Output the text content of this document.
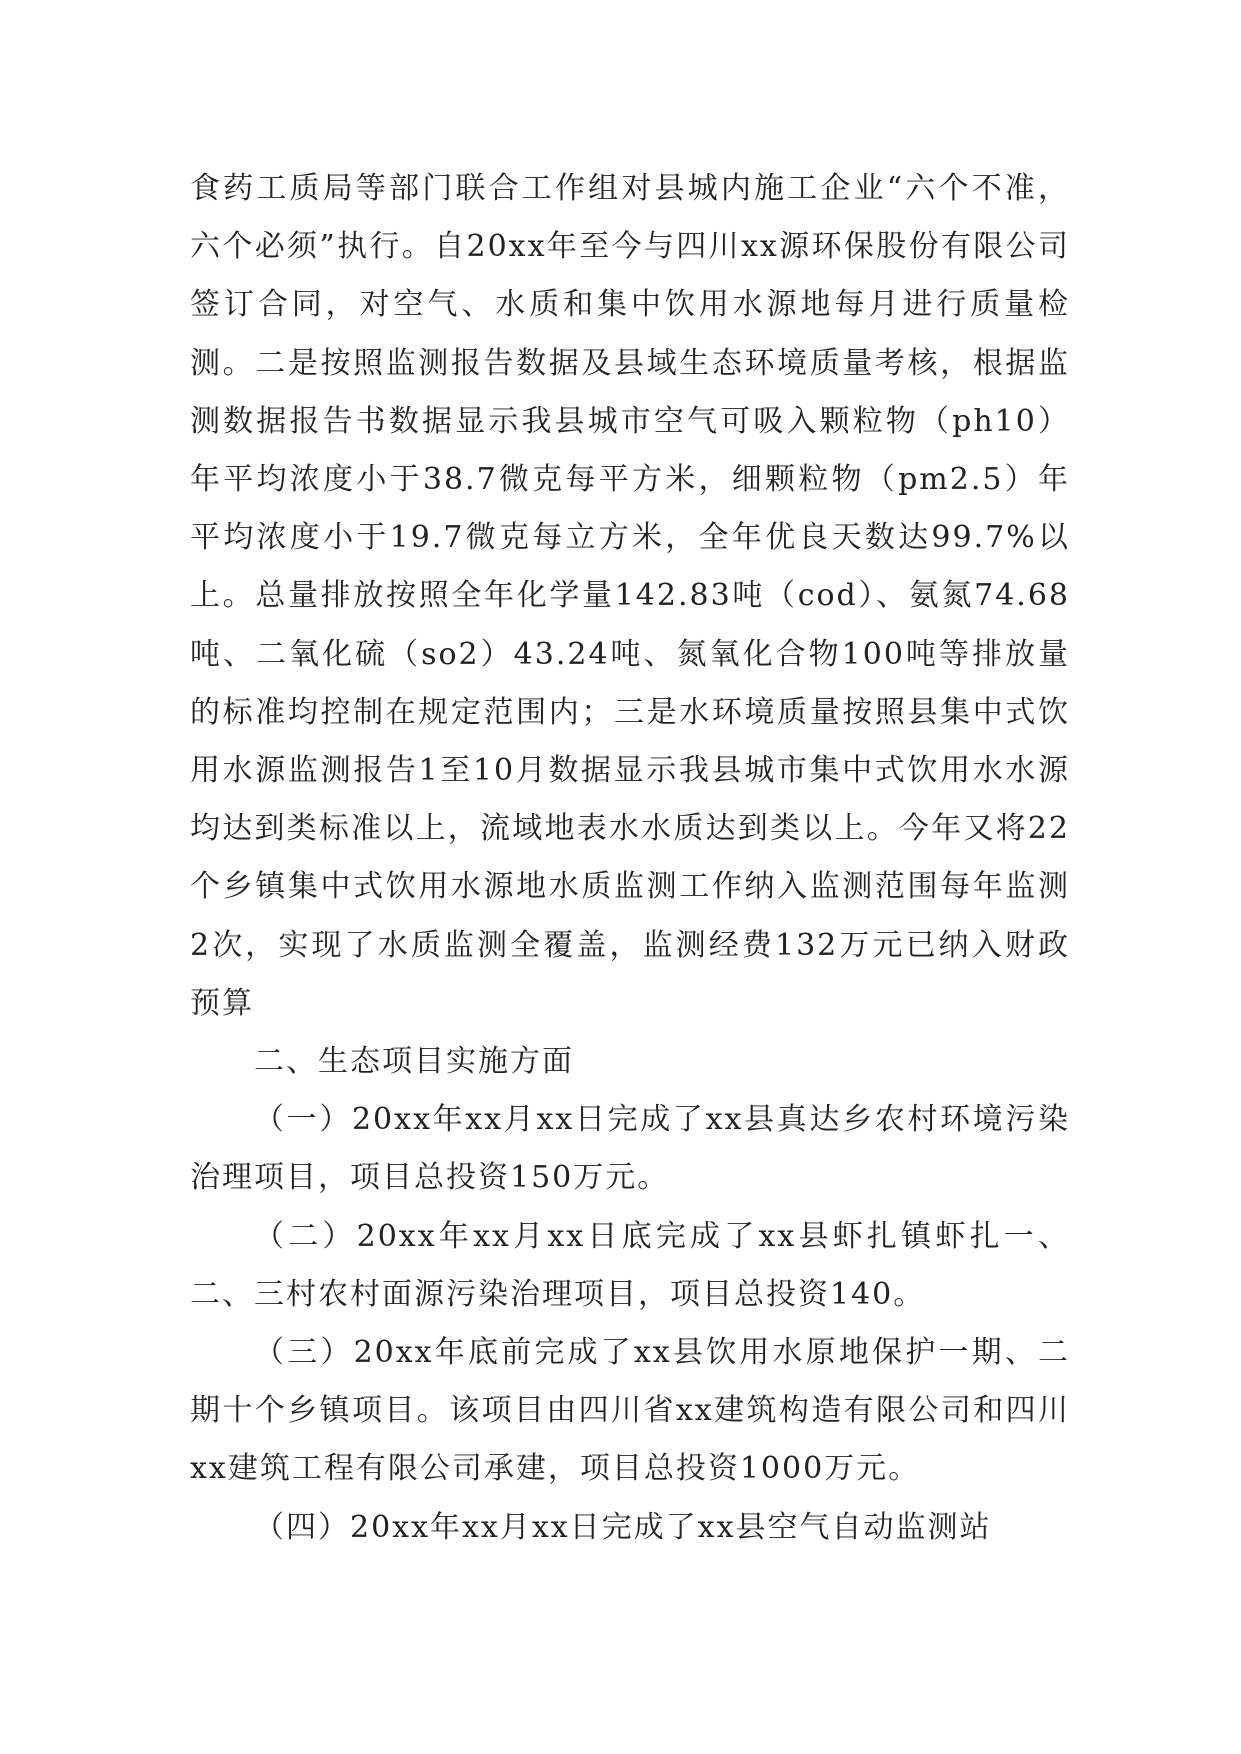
食药工质局等部门联合工作组对县城内施工企业“六个不准，六个必须”执行。自20xx年至今与四川xx源环保股份有限公司签订合同，对空气、水质和集中饮用水源地每月进行质量检测。二是按照监测报告数据及县域生态环境质量考核，根据监测数据报告书数据显示我县城市空气可吸入颗粒物（ph10）年平均浓度小于38.7微克每平方米，细颗粒物（pm2.5）年平均浓度小于19.7微克每立方米，全年优良天数达99.7%以上。总量排放按照全年化学量142.83吨（cod）、氨氮74.68吨、二氧化硫（so2）43.24吨、氮氧化合物100吨等排放量的标准均控制在规定范围内；三是水环境质量按照县集中式饮用水源监测报告1至10月数据显示我县城市集中式饮用水水源均达到类标准以上，流域地表水水质达到类以上。今年又将22个乡镇集中式饮用水源地水质监测工作纳入监测范围每年监测2次，实现了水质监测全覆盖，监测经费132万元已纳入财政预算

二、生态项目实施方面

（一）20xx年xx月xx日完成了xx县真达乡农村环境污染治理项目，项目总投资150万元。

（二）20xx年xx月xx日底完成了xx县虾扎镇虾扎一、二、三村农村面源污染治理项目，项目总投资140。

（三）20xx年底前完成了xx县饮用水原地保护一期、二期十个乡镇项目。该项目由四川省xx建筑构造有限公司和四川xx建筑工程有限公司承建，项目总投资1000万元。

（四）20xx年xx月xx日完成了xx县空气自动监测站
